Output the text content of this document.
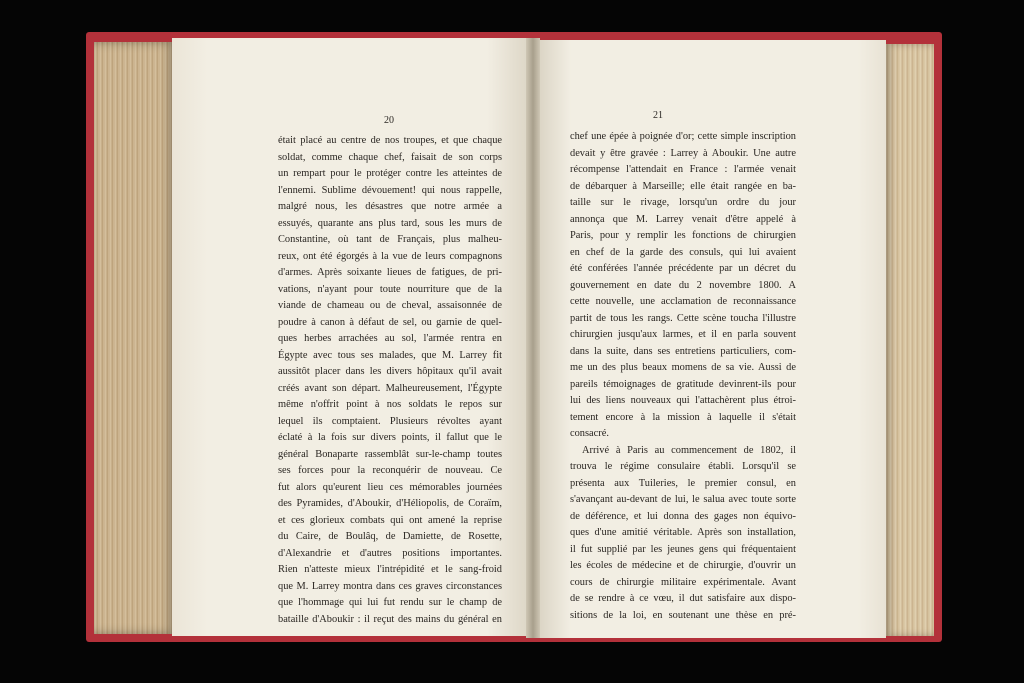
20	21
était placé au centre de nos troupes, et que chaque
soldat, comme chaque chef, faisait de son corps
un rempart pour le protéger contre les atteintes de
l'ennemi. Sublime dévouement! qui nous rappelle,
malgré nous, les désastres que notre armée a
essuyés, quarante ans plus tard, sous les murs de
Constantine, où tant de Français, plus malheu-
reux, ont été égorgés à la vue de leurs compagnons
d'armes. Après soixante lieues de fatigues, de pri-
vations, n'ayant pour toute nourriture que de la
viande de chameau ou de cheval, assaisonnée de
poudre à canon à défaut de sel, ou garnie de quel-
ques herbes arrachées au sol, l'armée rentra en
Égypte avec tous ses malades, que M. Larrey fit
aussitôt placer dans les divers hôpitaux qu'il avait
créés avant son départ. Malheureusement, l'Égypte
même n'offrit point à nos soldats le repos sur
lequel ils comptaient. Plusieurs révoltes ayant
éclaté à la fois sur divers points, il fallut que le
général Bonaparte rassemblât sur-le-champ toutes
ses forces pour la reconquérir de nouveau. Ce
fut alors qu'eurent lieu ces mémorables journées
des Pyramides, d'Aboukir, d'Héliopolis, de Coraïm,
et ces glorieux combats qui ont amené la reprise
du Caire, de Boulâq, de Damiette, de Rosette,
d'Alexandrie et d'autres positions importantes.
Rien n'atteste mieux l'intrépidité et le sang-froid
que M. Larrey montra dans ces graves circonstances
que l'hommage qui lui fut rendu sur le champ de
bataille d'Aboukir : il reçut des mains du général en
chef une épée à poignée d'or; cette simple inscription
devait y être gravée : Larrey à Aboukir. Une autre
récompense l'attendait en France : l'armée venait
de débarquer à Marseille; elle était rangée en ba-
taille sur le rivage, lorsqu'un ordre du jour
annonça que M. Larrey venait d'être appelé à
Paris, pour y remplir les fonctions de chirurgien
en chef de la garde des consuls, qui lui avaient
été conférées l'année précédente par un décret du
gouvernement en date du 2 novembre 1800. A
cette nouvelle, une acclamation de reconnaissance
partit de tous les rangs. Cette scène toucha l'illustre
chirurgien jusqu'aux larmes, et il en parla souvent
dans la suite, dans ses entretiens particuliers, com-
me un des plus beaux momens de sa vie. Aussi de
pareils témoignages de gratitude devinrent-ils pour
lui des liens nouveaux qui l'attachèrent plus étroi-
tement encore à la mission à laquelle il s'était
consacré.
Arrivé à Paris au commencement de 1802, il
trouva le régime consulaire établi. Lorsqu'il se
présenta aux Tuileries, le premier consul, en
s'avançant au-devant de lui, le salua avec toute sorte
de déférence, et lui donna des gages non équivo-
ques d'une amitié véritable. Après son installation,
il fut supplié par les jeunes gens qui fréquentaient
les écoles de médecine et de chirurgie, d'ouvrir un
cours de chirurgie militaire expérimentale. Avant
de se rendre à ce vœu, il dut satisfaire aux dispo-
sitions de la loi, en soutenant une thèse en pré-
